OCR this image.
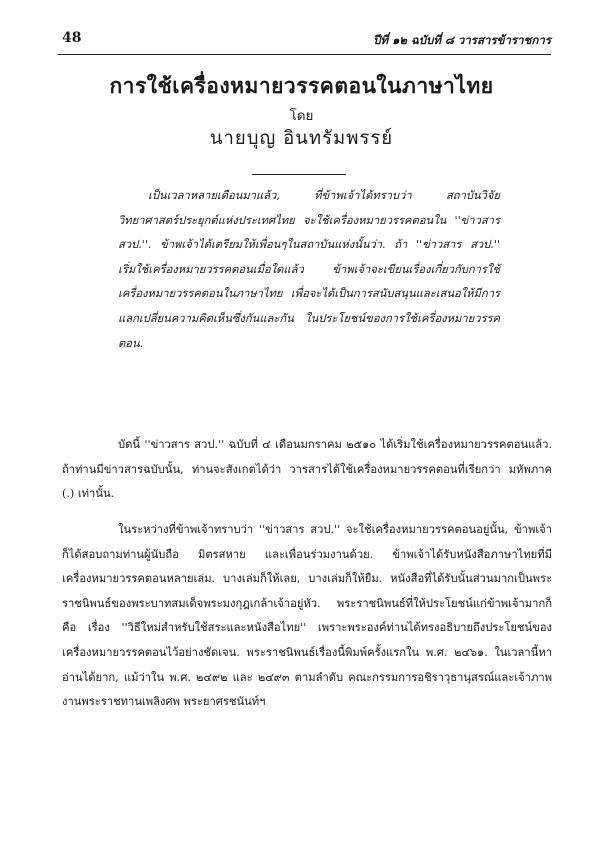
48	ปีที่ ๑๒ ฉบับที่ ๘ วารสารข้าราชการ
การใช้เครื่องหมายวรรคตอนในภาษาไทย
โดย
นายบุญ อินทรัมพรรย์

เป็นเวลาหลายเดือนมาแล้ว, ที่ข้าพเจ้าได้ทราบว่า สถาบันวิจัยวิทยาศาสตร์ประยุกต์แห่งประเทศไทย จะใช้เครื่องหมายวรรคตอนใน ''ข่าวสาร สวป.''. ข้าพเจ้าได้เตรียมให้เพื่อนๆในสถาบันแห่งนั้นว่า. ถ้า ''ข่าวสาร สวป.'' เริ่มใช้เครื่องหมายวรรคตอนเมื่อใดแล้ว ข้าพเจ้าจะเขียนเรื่องเกี่ยวกับการใช้เครื่องหมายวรรคตอนในภาษาไทย เพื่อจะได้เป็นการสนับสนุนและเสนอให้มีการแลกเปลี่ยนความคิดเห็นซึ่งกันและกัน ในประโยชน์ของการใช้เครื่องหมายวรรคตอน.

บัดนี้ ''ข่าวสาร สวป.'' ฉบับที่ ๔ เดือนมกราคม ๒๕๑๐ ได้เริ่มใช้เครื่องหมายวรรคตอนแล้ว. ถ้าท่านมีข่าวสารฉบับนั้น, ท่านจะสังเกตได้ว่า วารสารได้ใช้เครื่องหมายวรรคตอนที่เรียกว่า มหัพภาค (.) เท่านั้น.

ในระหว่างที่ข้าพเจ้าทราบว่า ''ข่าวสาร สวป.'' จะใช้เครื่องหมายวรรคตอนอยู่นั้น, ข้าพเจ้าก็ได้สอบถามท่านผู้นับถือ มิตรสหาย และเพื่อนร่วมงานด้วย. ข้าพเจ้าได้รับหนังสือภาษาไทยที่มีเครื่องหมายวรรคตอนหลายเล่ม. บางเล่มก็ให้เลย, บางเล่มก็ให้ยืม. หนังสือที่ได้รับนั้นส่วนมากเป็นพระราชนิพนธ์ของพระบาทสมเด็จพระมงกุฎเกล้าเจ้าอยู่หัว. พระราชนิพนธ์ที่ให้ประโยชน์แก่ข้าพเจ้ามากก็คือ เรื่อง ''วิธีใหม่สำหรับใช้สระและหนังสือไทย'' เพราะพระองค์ท่านได้ทรงอธิบายถึงประโยชน์ของเครื่องหมายวรรคตอนไว้อย่างชัดเจน. พระราชนิพนธ์เรื่องนี้พิมพ์ครั้งแรกใน พ.ศ. ๒๔๖๑. ในเวลานี้หาอ่านได้ยาก, แม้ว่าใน พ.ศ. ๒๔๙๒ และ ๒๔๙๓ ตามลำดับ คณะกรรมการอชิราวุธานุสรณ์และเจ้าภาพงานพระราชทานเพลิงศพ พระยาศรชนันท์ฯ
